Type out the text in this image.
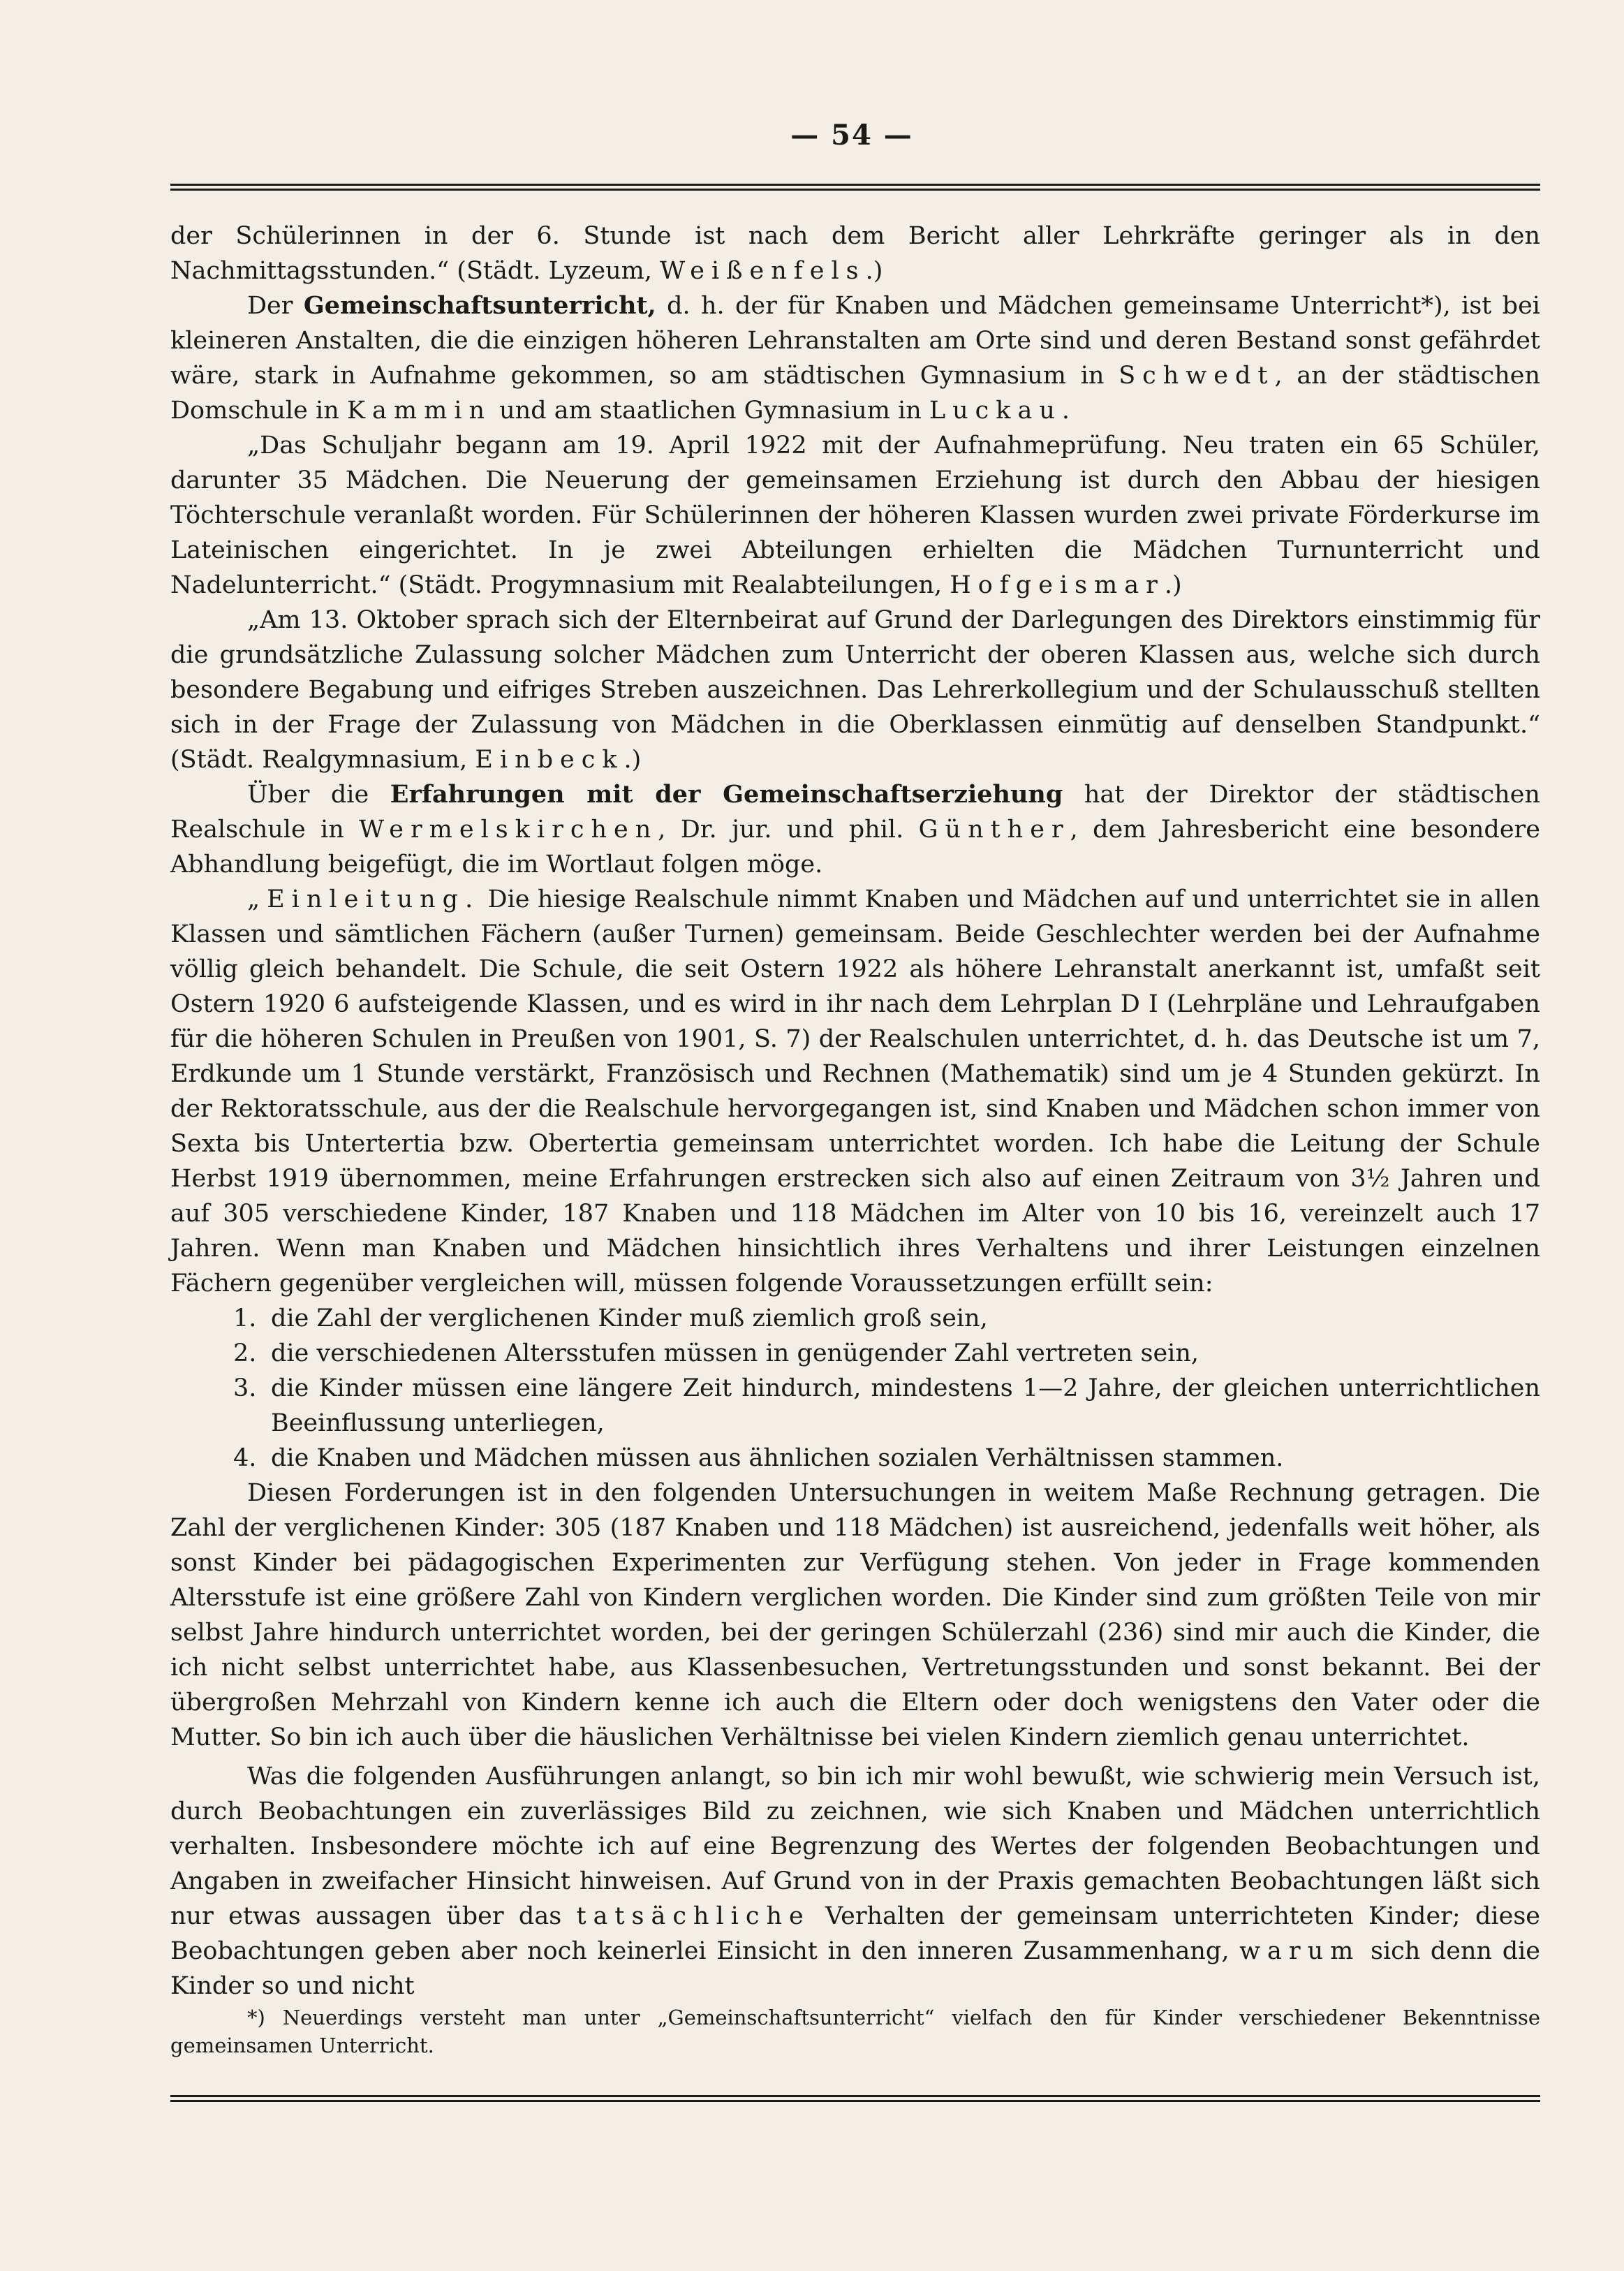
— 54 —

der Schülerinnen in der 6. Stunde ist nach dem Bericht aller Lehrkräfte geringer als in den Nachmittagsstunden.“ (Städt. Lyzeum, Weißenfels.)

Der Gemeinschaftsunterricht, d. h. der für Knaben und Mädchen gemeinsame Unterricht*), ist bei kleineren Anstalten, die die einzigen höheren Lehranstalten am Orte sind und deren Bestand sonst gefährdet wäre, stark in Aufnahme gekommen, so am städtischen Gymnasium in Schwedt, an der städtischen Domschule in Kammin und am staatlichen Gymnasium in Luckau.

„Das Schuljahr begann am 19. April 1922 mit der Aufnahmeprüfung. Neu traten ein 65 Schüler, darunter 35 Mädchen. Die Neuerung der gemeinsamen Erziehung ist durch den Abbau der hiesigen Töchterschule veranlaßt worden. Für Schülerinnen der höheren Klassen wurden zwei private Förderkurse im Lateinischen eingerichtet. In je zwei Abteilungen erhielten die Mädchen Turnunterricht und Nadelunterricht.“ (Städt. Progymnasium mit Realabteilungen, Hofgeismar.)

„Am 13. Oktober sprach sich der Elternbeirat auf Grund der Darlegungen des Direktors einstimmig für die grundsätzliche Zulassung solcher Mädchen zum Unterricht der oberen Klassen aus, welche sich durch besondere Begabung und eifriges Streben auszeichnen. Das Lehrerkollegium und der Schulausschuß stellten sich in der Frage der Zulassung von Mädchen in die Oberklassen einmütig auf denselben Standpunkt.“ (Städt. Realgymnasium, Einbeck.)

Über die Erfahrungen mit der Gemeinschaftserziehung hat der Direktor der städtischen Realschule in Wermelskirchen, Dr. jur. und phil. Günther, dem Jahresbericht eine besondere Abhandlung beigefügt, die im Wortlaut folgen möge.

„Einleitung. Die hiesige Realschule nimmt Knaben und Mädchen auf und unterrichtet sie in allen Klassen und sämtlichen Fächern (außer Turnen) gemeinsam. Beide Geschlechter werden bei der Aufnahme völlig gleich behandelt. Die Schule, die seit Ostern 1922 als höhere Lehranstalt anerkannt ist, umfaßt seit Ostern 1920 6 aufsteigende Klassen, und es wird in ihr nach dem Lehrplan D I (Lehrpläne und Lehraufgaben für die höheren Schulen in Preußen von 1901, S. 7) der Realschulen unterrichtet, d. h. das Deutsche ist um 7, Erdkunde um 1 Stunde verstärkt, Französisch und Rechnen (Mathematik) sind um je 4 Stunden gekürzt. In der Rektoratsschule, aus der die Realschule hervorgegangen ist, sind Knaben und Mädchen schon immer von Sexta bis Untertertia bzw. Obertertia gemeinsam unterrichtet worden. Ich habe die Leitung der Schule Herbst 1919 übernommen, meine Erfahrungen erstrecken sich also auf einen Zeitraum von 3½ Jahren und auf 305 verschiedene Kinder, 187 Knaben und 118 Mädchen im Alter von 10 bis 16, vereinzelt auch 17 Jahren. Wenn man Knaben und Mädchen hinsichtlich ihres Verhaltens und ihrer Leistungen einzelnen Fächern gegenüber vergleichen will, müssen folgende Voraussetzungen erfüllt sein:

1. die Zahl der verglichenen Kinder muß ziemlich groß sein,
2. die verschiedenen Altersstufen müssen in genügender Zahl vertreten sein,
3. die Kinder müssen eine längere Zeit hindurch, mindestens 1—2 Jahre, der gleichen unterrichtlichen Beeinflussung unterliegen,
4. die Knaben und Mädchen müssen aus ähnlichen sozialen Verhältnissen stammen.

Diesen Forderungen ist in den folgenden Untersuchungen in weitem Maße Rechnung getragen. Die Zahl der verglichenen Kinder: 305 (187 Knaben und 118 Mädchen) ist ausreichend, jedenfalls weit höher, als sonst Kinder bei pädagogischen Experimenten zur Verfügung stehen. Von jeder in Frage kommenden Altersstufe ist eine größere Zahl von Kindern verglichen worden. Die Kinder sind zum größten Teile von mir selbst Jahre hindurch unterrichtet worden, bei der geringen Schülerzahl (236) sind mir auch die Kinder, die ich nicht selbst unterrichtet habe, aus Klassenbesuchen, Vertretungsstunden und sonst bekannt. Bei der übergroßen Mehrzahl von Kindern kenne ich auch die Eltern oder doch wenigstens den Vater oder die Mutter. So bin ich auch über die häuslichen Verhältnisse bei vielen Kindern ziemlich genau unterrichtet.

Was die folgenden Ausführungen anlangt, so bin ich mir wohl bewußt, wie schwierig mein Versuch ist, durch Beobachtungen ein zuverlässiges Bild zu zeichnen, wie sich Knaben und Mädchen unterrichtlich verhalten. Insbesondere möchte ich auf eine Begrenzung des Wertes der folgenden Beobachtungen und Angaben in zweifacher Hinsicht hinweisen. Auf Grund von in der Praxis gemachten Beobachtungen läßt sich nur etwas aussagen über das tatsächliche Verhalten der gemeinsam unterrichteten Kinder; diese Beobachtungen geben aber noch keinerlei Einsicht in den inneren Zusammenhang, warum sich denn die Kinder so und nicht

*) Neuerdings versteht man unter „Gemeinschaftsunterricht“ vielfach den für Kinder verschiedener Bekenntnisse gemeinsamen Unterricht.
